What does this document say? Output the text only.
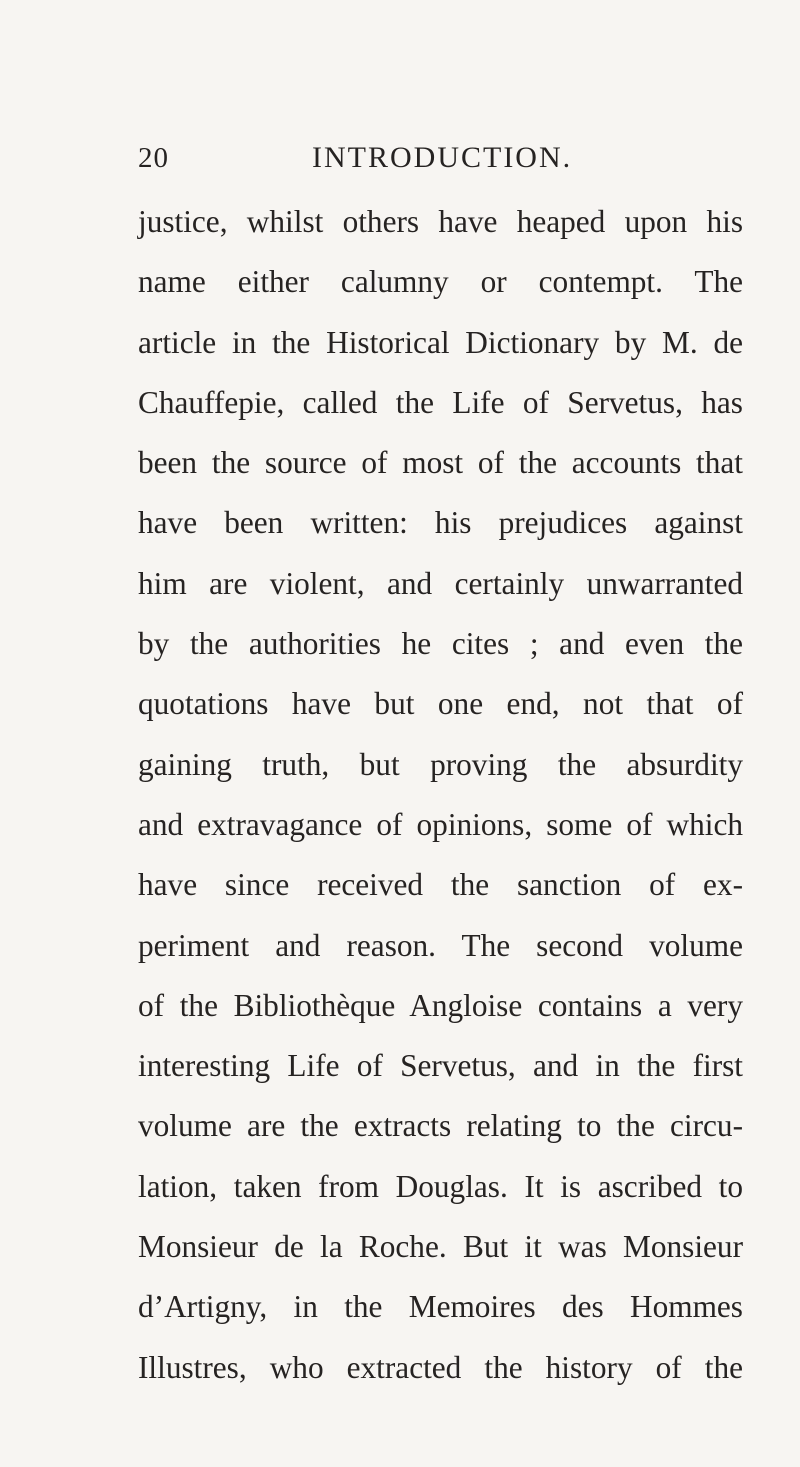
20	INTRODUCTION.
justice, whilst others have heaped upon his
name either calumny or contempt. The
article in the Historical Dictionary by M. de
Chauffepie, called the Life of Servetus, has
been the source of most of the accounts that
have been written: his prejudices against
him are violent, and certainly unwarranted
by the authorities he cites ; and even the
quotations have but one end, not that of
gaining truth, but proving the absurdity
and extravagance of opinions, some of which
have since received the sanction of ex-
periment and reason. The second volume
of the Bibliothèque Angloise contains a very
interesting Life of Servetus, and in the first
volume are the extracts relating to the circu-
lation, taken from Douglas. It is ascribed to
Monsieur de la Roche. But it was Monsieur
d’Artigny, in the Memoires des Hommes
Illustres, who extracted the history of the
